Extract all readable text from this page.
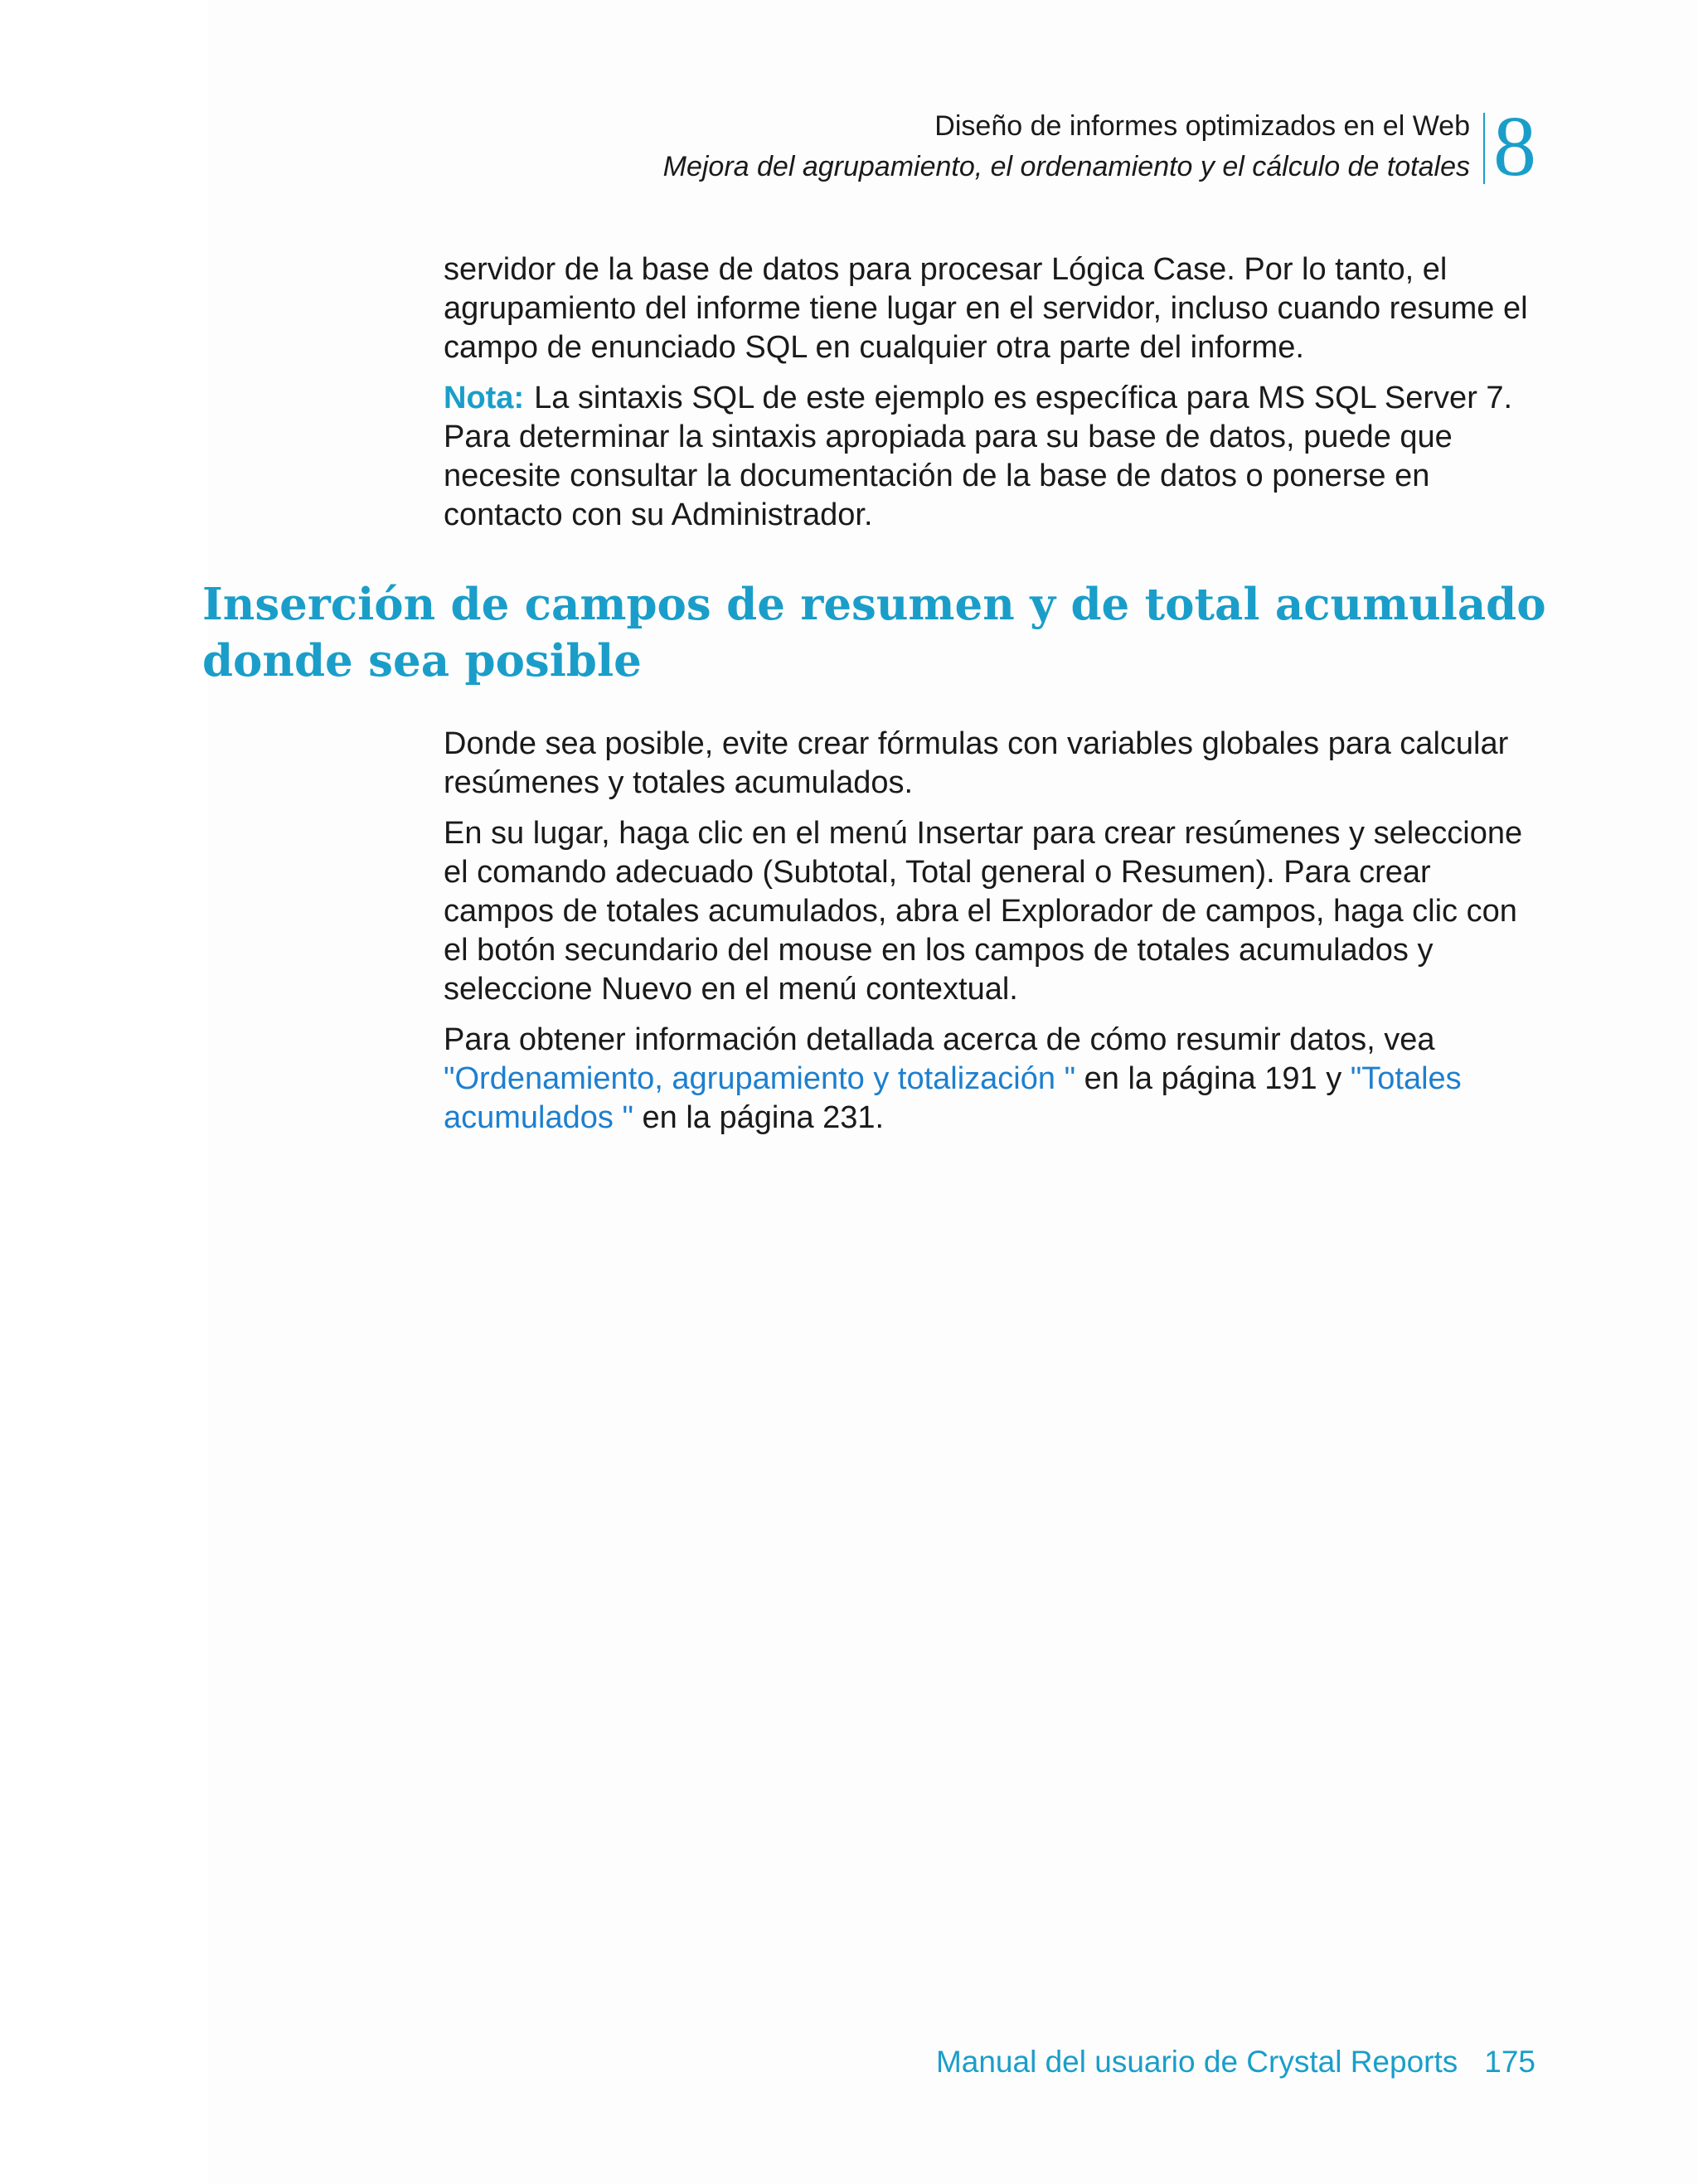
Diseño de informes optimizados en el Web
Mejora del agrupamiento, el ordenamiento y el cálculo de totales 8

servidor de la base de datos para procesar Lógica Case. Por lo tanto, el agrupamiento del informe tiene lugar en el servidor, incluso cuando resume el campo de enunciado SQL en cualquier otra parte del informe.

Nota: La sintaxis SQL de este ejemplo es específica para MS SQL Server 7. Para determinar la sintaxis apropiada para su base de datos, puede que necesite consultar la documentación de la base de datos o ponerse en contacto con su Administrador.

Inserción de campos de resumen y de total acumulado donde sea posible

Donde sea posible, evite crear fórmulas con variables globales para calcular resúmenes y totales acumulados.

En su lugar, haga clic en el menú Insertar para crear resúmenes y seleccione el comando adecuado (Subtotal, Total general o Resumen). Para crear campos de totales acumulados, abra el Explorador de campos, haga clic con el botón secundario del mouse en los campos de totales acumulados y seleccione Nuevo en el menú contextual.

Para obtener información detallada acerca de cómo resumir datos, vea "Ordenamiento, agrupamiento y totalización " en la página 191 y "Totales acumulados " en la página 231.

Manual del usuario de Crystal Reports 175
